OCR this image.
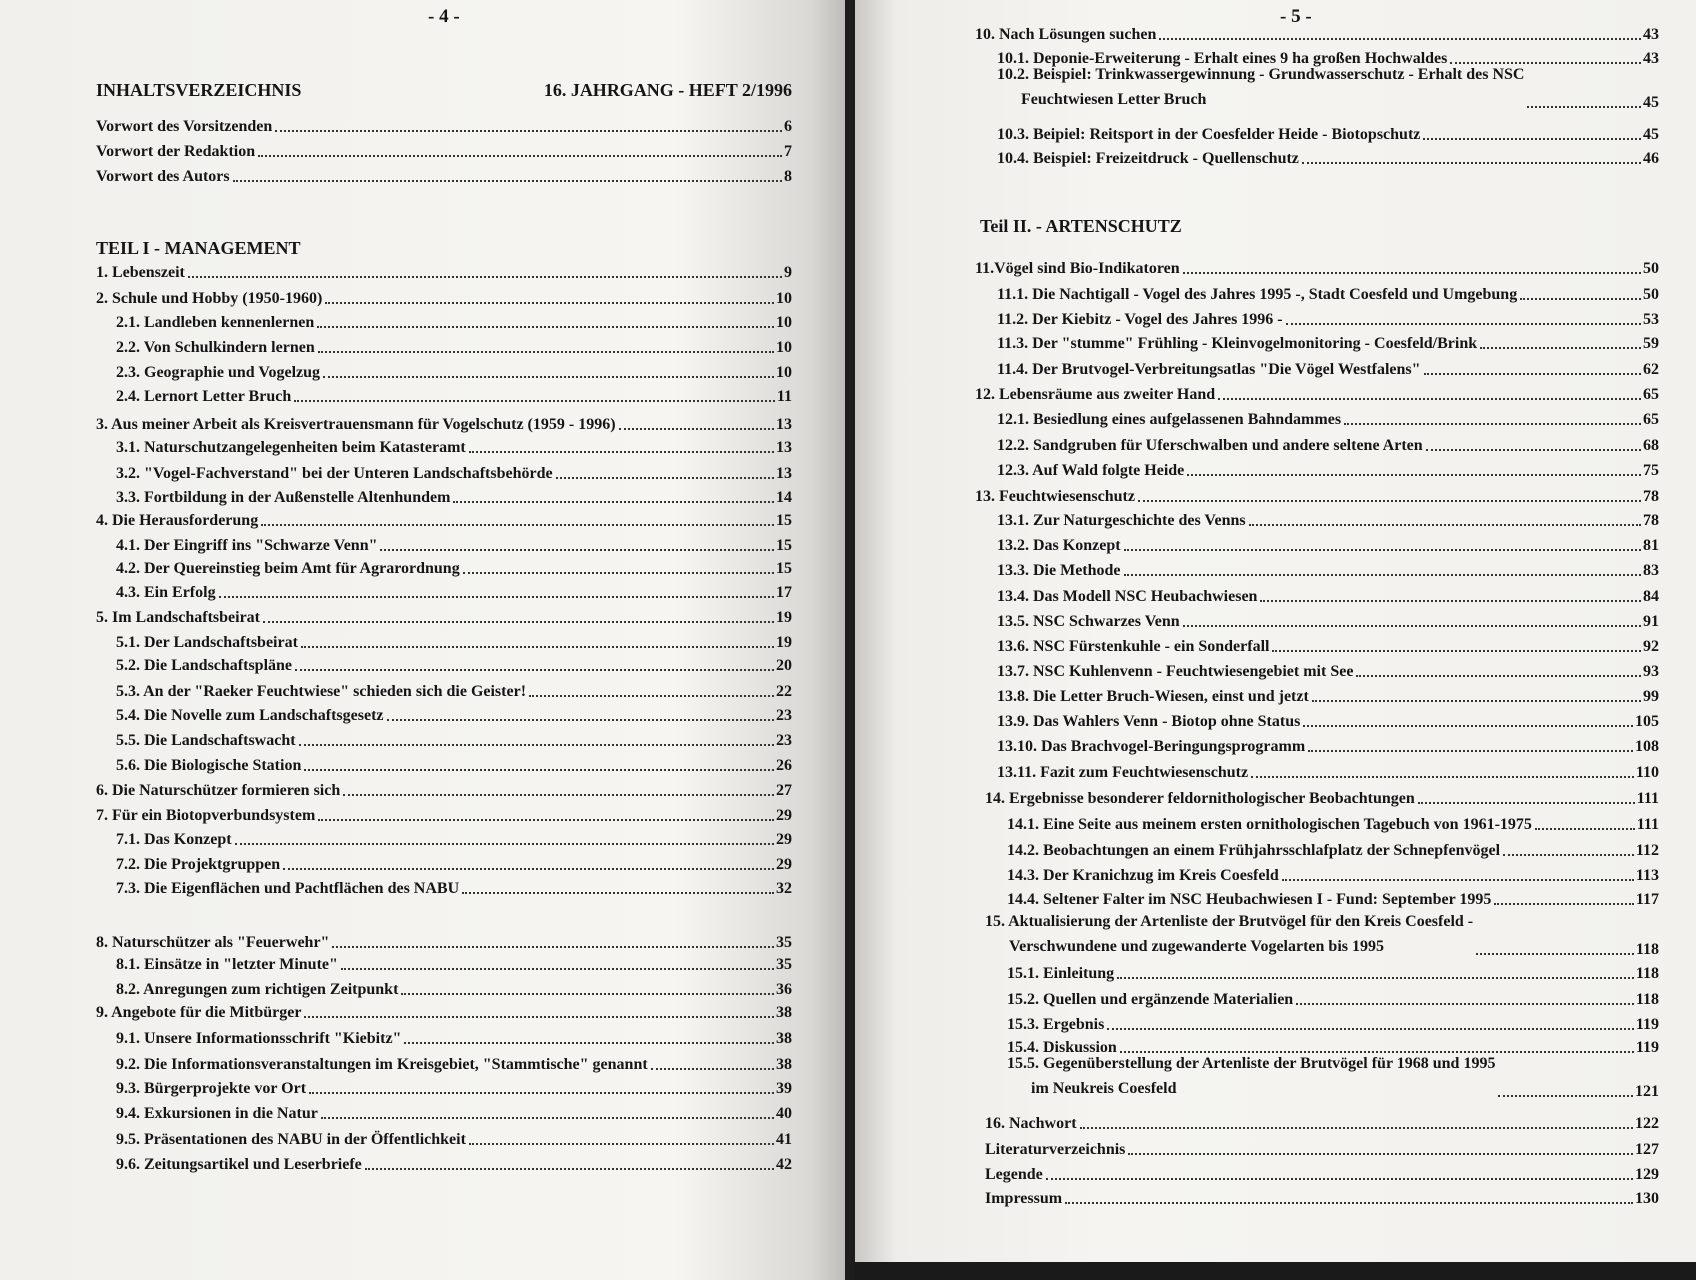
- 4 -
INHALTSVERZEICHNIS	16. JAHRGANG - HEFT 2/1996
TEIL I - MANAGEMENT
Vorwort des Vorsitzenden	6
Vorwort der Redaktion	7
Vorwort des Autors	8
1. Lebenszeit	9
2. Schule und Hobby (1950-1960)	10
2.1. Landleben kennenlernen	10
2.2. Von Schulkindern lernen	10
2.3. Geographie und Vogelzug	10
2.4. Lernort Letter Bruch	11
3. Aus meiner Arbeit als Kreisvertrauensmann für Vogelschutz (1959 - 1996)	13
3.1. Naturschutzangelegenheiten beim Katasteramt	13
3.2. "Vogel-Fachverstand" bei der Unteren Landschaftsbehörde	13
3.3. Fortbildung in der Außenstelle Altenhundem	14
4. Die Herausforderung	15
4.1. Der Eingriff ins "Schwarze Venn"	15
4.2. Der Quereinstieg beim Amt für Agrarordnung	15
4.3. Ein Erfolg	17
5. Im Landschaftsbeirat	19
5.1. Der Landschaftsbeirat	19
5.2. Die Landschaftspläne	20
5.3. An der "Raeker Feuchtwiese" schieden sich die Geister!	22
5.4. Die Novelle zum Landschaftsgesetz	23
5.5. Die Landschaftswacht	23
5.6. Die Biologische Station	26
6. Die Naturschützer formieren sich	27
7. Für ein Biotopverbundsystem	29
7.1. Das Konzept	29
7.2. Die Projektgruppen	29
7.3. Die Eigenflächen und Pachtflächen des NABU	32
8. Naturschützer als "Feuerwehr"	35
8.1. Einsätze in "letzter Minute"	35
8.2. Anregungen zum richtigen Zeitpunkt	36
9. Angebote für die Mitbürger	38
9.1. Unsere Informationsschrift "Kiebitz"	38
9.2. Die Informationsveranstaltungen im Kreisgebiet, "Stammtische" genannt	38
9.3. Bürgerprojekte vor Ort	39
9.4. Exkursionen in die Natur	40
9.5. Präsentationen des NABU in der Öffentlichkeit	41
9.6. Zeitungsartikel und Leserbriefe	42
- 5 -
10. Nach Lösungen suchen	43
10.1. Deponie-Erweiterung - Erhalt eines 9 ha großen Hochwaldes	43
10.2. Beispiel: Trinkwassergewinnung - Grundwasserschutz - Erhalt des NSC
Feuchtwiesen Letter Bruch	45
10.3. Beipiel: Reitsport in der Coesfelder Heide - Biotopschutz	45
10.4. Beispiel: Freizeitdruck - Quellenschutz	46
Teil II. - ARTENSCHUTZ
11.Vögel sind Bio-Indikatoren	50
11.1. Die Nachtigall - Vogel des Jahres 1995 -, Stadt Coesfeld und Umgebung	50
11.2. Der Kiebitz - Vogel des Jahres 1996 -	53
11.3. Der "stumme" Frühling - Kleinvogelmonitoring - Coesfeld/Brink	59
11.4. Der Brutvogel-Verbreitungsatlas "Die Vögel Westfalens"	62
12. Lebensräume aus zweiter Hand	65
12.1. Besiedlung eines aufgelassenen Bahndammes	65
12.2. Sandgruben für Uferschwalben und andere seltene Arten	68
12.3. Auf Wald folgte Heide	75
13. Feuchtwiesenschutz	78
13.1. Zur Naturgeschichte des Venns	78
13.2. Das Konzept	81
13.3. Die Methode	83
13.4. Das Modell NSC Heubachwiesen	84
13.5. NSC Schwarzes Venn	91
13.6. NSC Fürstenkuhle - ein Sonderfall	92
13.7. NSC Kuhlenvenn - Feuchtwiesengebiet mit See	93
13.8. Die Letter Bruch-Wiesen, einst und jetzt	99
13.9. Das Wahlers Venn - Biotop ohne Status	105
13.10. Das Brachvogel-Beringungsprogramm	108
13.11. Fazit zum Feuchtwiesenschutz	110
14. Ergebnisse besonderer feldornithologischer Beobachtungen	111
14.1. Eine Seite aus meinem ersten ornithologischen Tagebuch von 1961-1975	111
14.2. Beobachtungen an einem Frühjahrsschlafplatz der Schnepfenvögel	112
14.3. Der Kranichzug im Kreis Coesfeld	113
14.4. Seltener Falter im NSC Heubachwiesen I - Fund: September 1995	117
15. Aktualisierung der Artenliste der Brutvögel für den Kreis Coesfeld -
Verschwundene und zugewanderte Vogelarten bis 1995	118
15.1. Einleitung	118
15.2. Quellen und ergänzende Materialien	118
15.3. Ergebnis	119
15.4. Diskussion	119
15.5. Gegenüberstellung der Artenliste der Brutvögel für 1968 und 1995
im Neukreis Coesfeld	121
16. Nachwort	122
Literaturverzeichnis	127
Legende	129
Impressum	130
